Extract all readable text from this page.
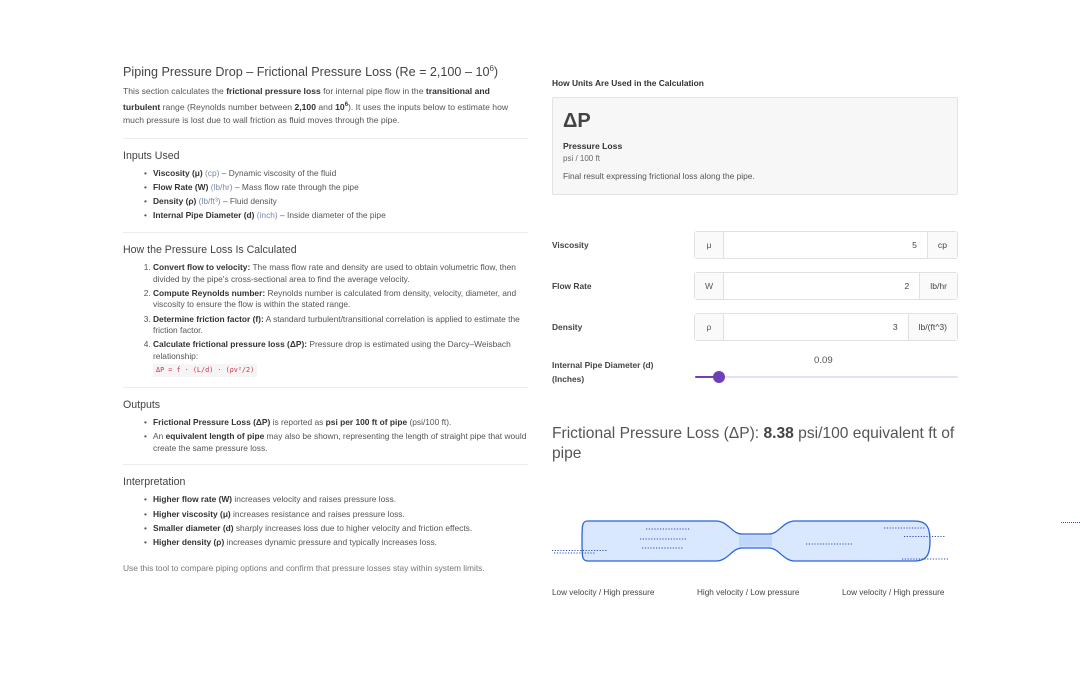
Piping Pressure Drop – Frictional Pressure Loss $(Re = 2,100 - 10^6)$

This section calculates the frictional pressure loss for internal pipe flow in the transitional and turbulent range (Reynolds number between 2,100 and $10^6$). It uses the inputs below to estimate how much pressure is lost due to wall friction as fluid moves through the pipe.

Inputs Used
• Viscosity (μ) (cp) – Dynamic viscosity of the fluid
• Flow Rate (W) (lb/hr) – Mass flow rate through the pipe
• Density (ρ) (lb/ft³) – Fluid density
• Internal Pipe Diameter (d) (inch) – Inside diameter of the pipe
How the Pressure Loss Is Calculated
1. Convert flow to velocity: The mass flow rate and density are used to obtain volumetric flow, then divided by the pipe's cross-sectional area to find the average velocity.
2. Compute Reynolds number: Reynolds number is calculated from density, velocity, diameter, and viscosity to ensure the flow is within the stated range.
3. Determine friction factor (f): A standard turbulent/transitional correlation is applied to estimate the friction factor.
4. Calculate frictional pressure loss (ΔP): Pressure drop is estimated using the Darcy–Weisbach relationship:
ΔP = f · (L/d) · (ρv²/2)
Outputs
• Frictional Pressure Loss (ΔP) is reported as psi per 100 ft of pipe (psi/100 ft).
• An equivalent length of pipe may also be shown, representing the length of straight pipe that would create the same pressure loss.
Interpretation
• Higher flow rate (W) increases velocity and raises pressure loss.
• Higher viscosity (μ) increases resistance and raises pressure loss.
• Smaller diameter (d) sharply increases loss due to higher velocity and friction effects.
• Higher density (ρ) increases dynamic pressure and typically increases loss.
Use this tool to compare piping options and confirm that pressure losses stay within system limits.
How Units Are Used in the Calculation
ΔP
Pressure Loss
psi / 100 ft
Final result expressing frictional loss along the pipe.
Viscosity	μ	5	cp
Flow Rate	W	2	lb/hr
Density	ρ	3	lb/(ft^3)
Internal Pipe Diameter (d) (Inches)
0.09
Frictional Pressure Loss (ΔP): 8.38 psi/100 equivalent ft of pipe
Low velocity / High pressure	High velocity / Low pressure	Low velocity / High pressure
